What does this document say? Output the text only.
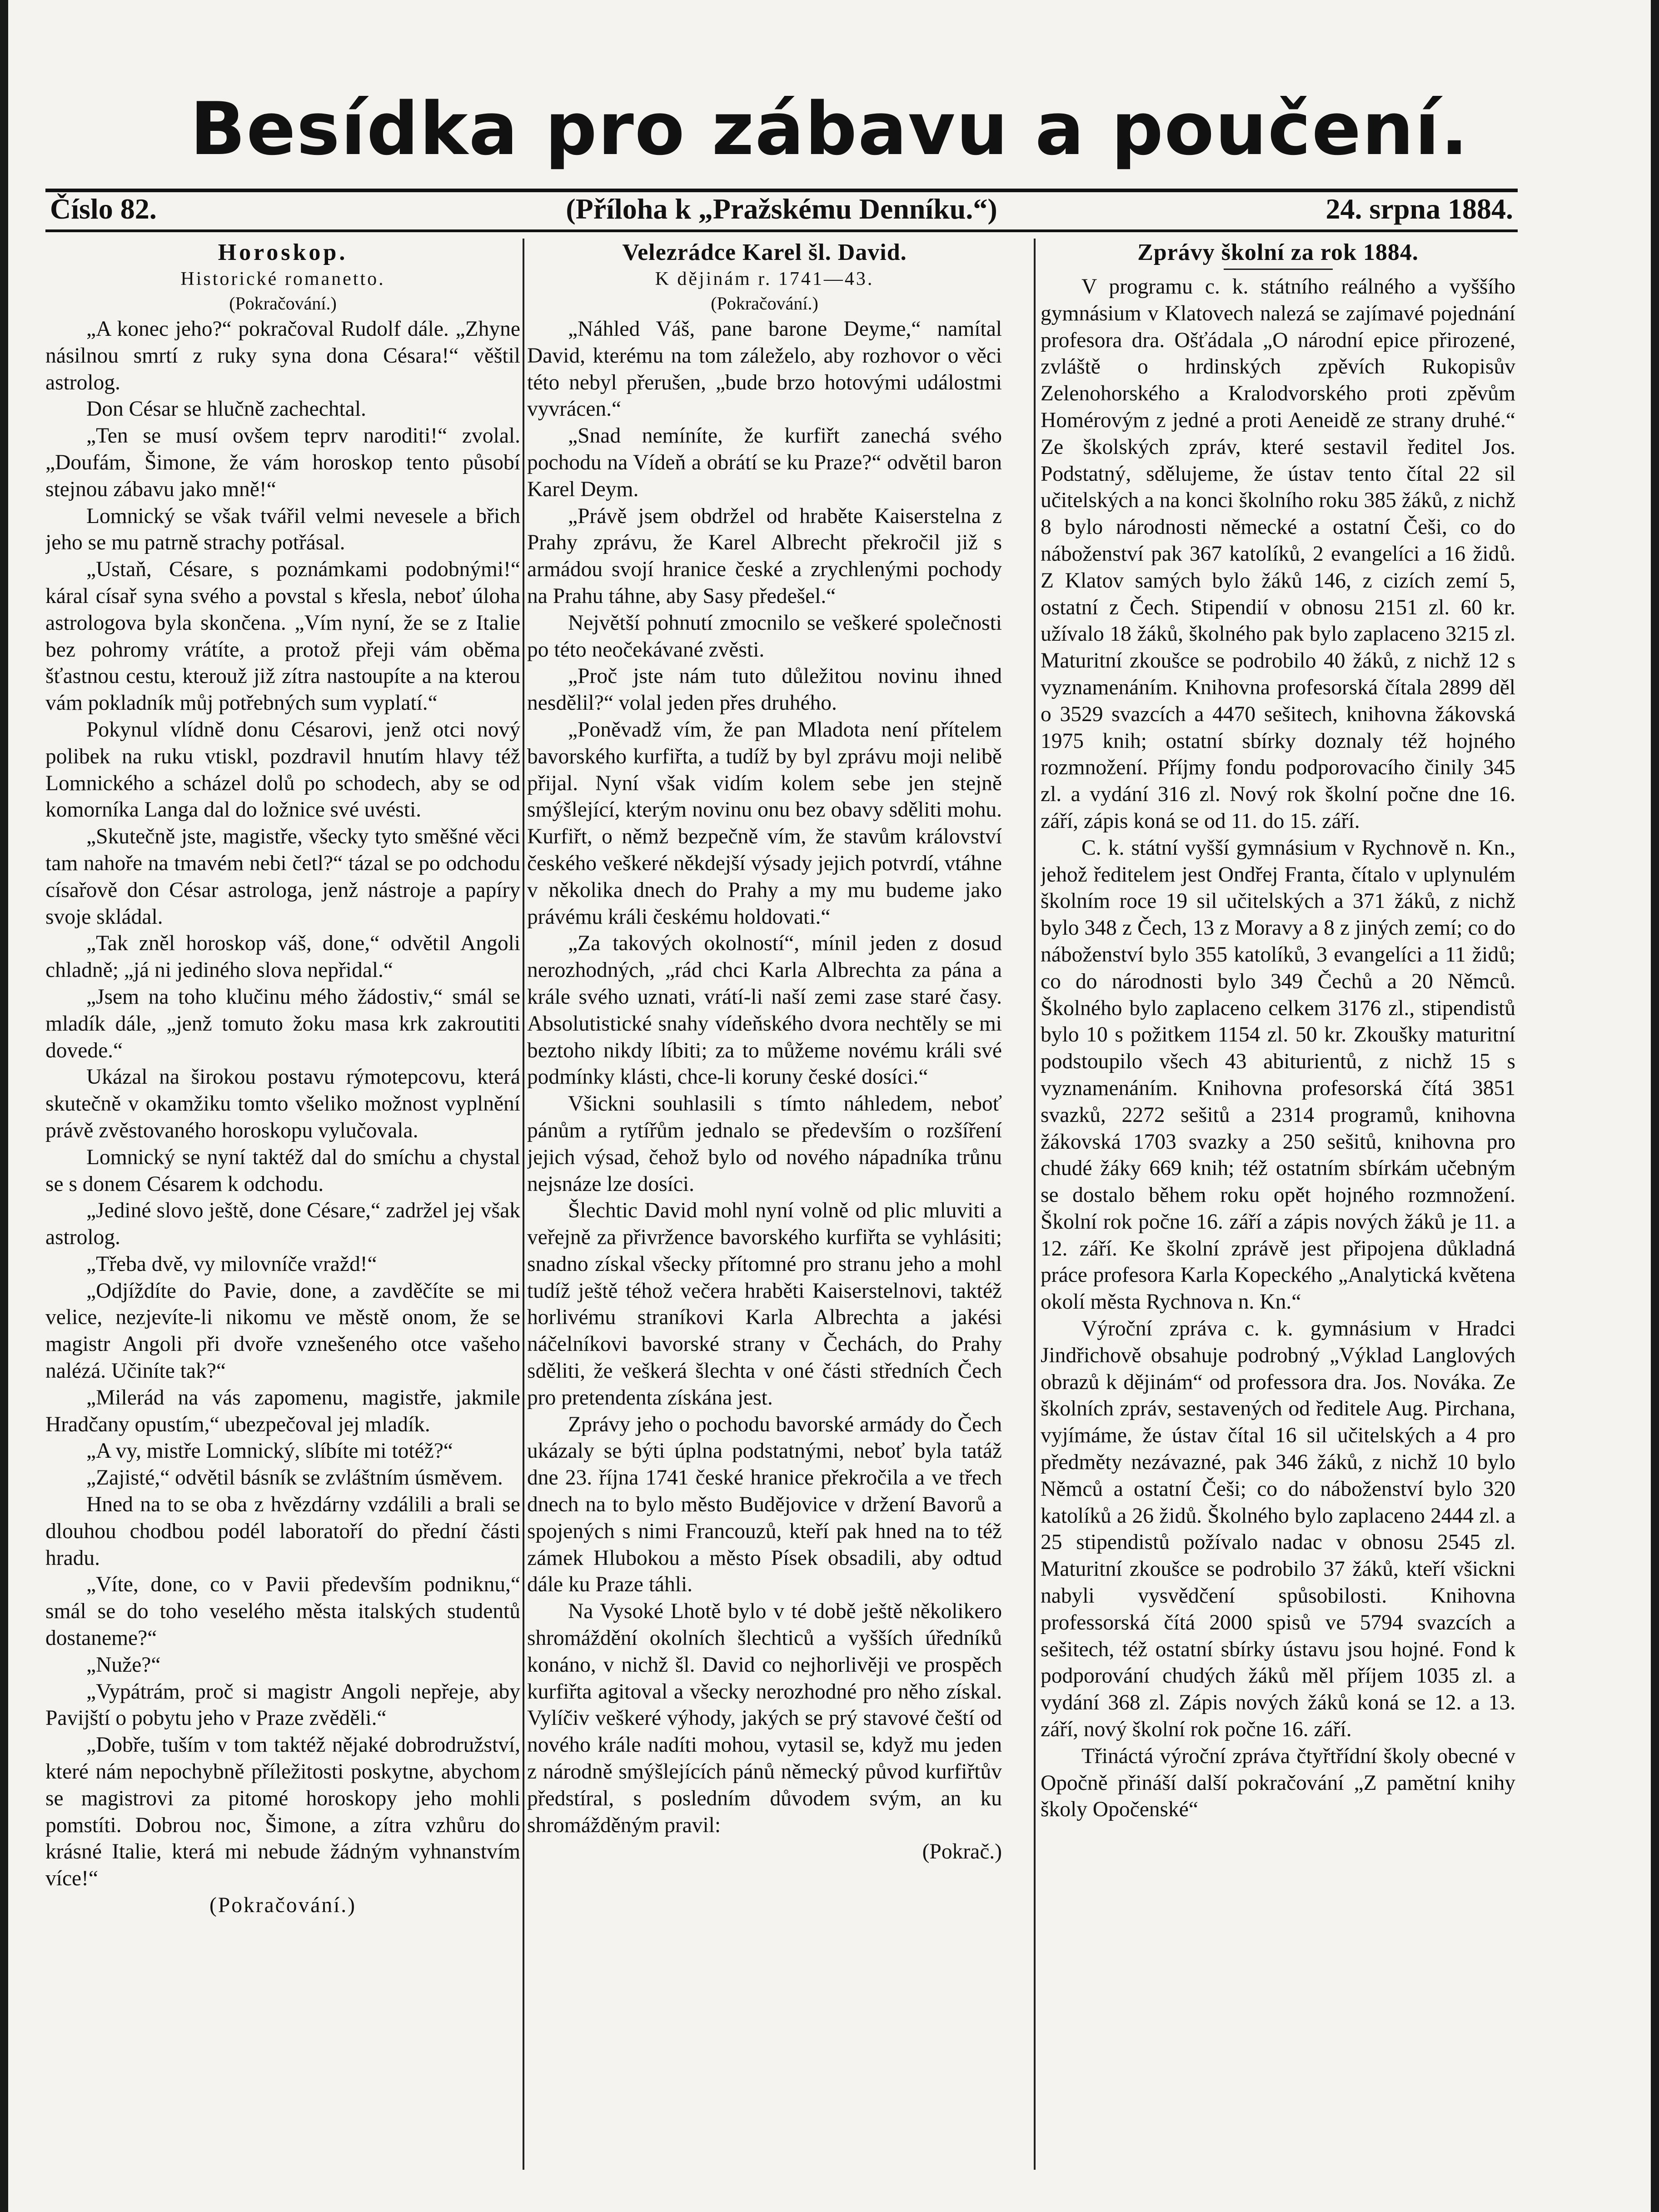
Besídka pro zábavu a poučení.
Číslo 82.	(Příloha k „Pražskému Denníku.“)	24. srpna 1884.
Horoskop.
Historické romanetto.
(Pokračování.)

„A konec jeho?“ pokračoval Rudolf dále. „Zhyne násilnou smrtí z ruky syna dona Césara!“ věštil astrolog.

Don César se hlučně zachechtal.

„Ten se musí ovšem teprv naroditi!“ zvolal. „Doufám, Šimone, že vám horoskop tento působí stejnou zábavu jako mně!“

Lomnický se však tvářil velmi nevesele a břich jeho se mu patrně strachy potřásal.

„Ustaň, Césare, s poznámkami podobnými!“ káral císař syna svého a povstal s křesla, neboť úloha astrologova byla skončena. „Vím nyní, že se z Italie bez pohromy vrátíte, a protož přeji vám oběma šťastnou cestu, kterouž již zítra nastoupíte a na kterou vám pokladník můj potřebných sum vyplatí.“

Pokynul vlídně donu Césarovi, jenž otci nový polibek na ruku vtiskl, pozdravil hnutím hlavy též Lomnického a scházel dolů po schodech, aby se od komorníka Langa dal do ložnice své uvésti.

„Skutečně jste, magistře, všecky tyto směšné věci tam nahoře na tmavém nebi četl?“ tázal se po odchodu císařově don César astrologa, jenž nástroje a papíry svoje skládal.

„Tak zněl horoskop váš, done,“ odvětil Angoli chladně; „já ni jediného slova nepřidal.“

„Jsem na toho klučinu mého žádostiv,“ smál se mladík dále, „jenž tomuto žoku masa krk zakroutiti dovede.“

Ukázal na širokou postavu rýmotepcovu, která skutečně v okamžiku tomto všeliko možnost vyplnění právě zvěstovaného horoskopu vylučovala.

Lomnický se nyní taktéž dal do smíchu a chystal se s donem Césarem k odchodu.

„Jediné slovo ještě, done Césare,“ zadržel jej však astrolog.

„Třeba dvě, vy milovníče vražd!“

„Odjíždíte do Pavie, done, a zavděčíte se mi velice, nezjevíte-li nikomu ve městě onom, že se magistr Angoli při dvoře vznešeného otce vašeho nalézá. Učiníte tak?“

„Milerád na vás zapomenu, magistře, jakmile Hradčany opustím,“ ubezpečoval jej mladík.

„A vy, mistře Lomnický, slíbíte mi totéž?“

„Zajisté,“ odvětil básník se zvláštním úsměvem.

Hned na to se oba z hvězdárny vzdálili a brali se dlouhou chodbou podél laboratoří do přední části hradu.

„Víte, done, co v Pavii především podniknu,“ smál se do toho veselého města italských studentů dostaneme?“

„Nuže?“

„Vypátrám, proč si magistr Angoli nepřeje, aby Pavijští o pobytu jeho v Praze zvěděli.“

„Dobře, tuším v tom taktéž nějaké dobrodružství, které nám nepochybně příležitosti poskytne, abychom se magistrovi za pitomé horoskopy jeho mohli pomstíti. Dobrou noc, Šimone, a zítra vzhůru do krásné Italie, která mi nebude žádným vyhnanstvím více!“

(Pokračování.)

Velezrádce Karel šl. David.
K dějinám r. 1741—43.
(Pokračování.)

„Náhled Váš, pane barone Deyme,“ namítal David, kterému na tom záleželo, aby rozhovor o věci této nebyl přerušen, „bude brzo hotovými událostmi vyvrácen.“

„Snad nemíníte, že kurfiřt zanechá svého pochodu na Vídeň a obrátí se ku Praze?“ odvětil baron Karel Deym.

„Právě jsem obdržel od hraběte Kaiserstelna z Prahy zprávu, že Karel Albrecht překročil již s armádou svojí hranice české a zrychlenými pochody na Prahu táhne, aby Sasy předešel.“

Největší pohnutí zmocnilo se veškeré společnosti po této neočekávané zvěsti.

„Proč jste nám tuto důležitou novinu ihned nesdělil?“ volal jeden přes druhého.

„Poněvadž vím, že pan Mladota není přítelem bavorského kurfiřta, a tudíž by byl zprávu moji nelibě přijal. Nyní však vidím kolem sebe jen stejně smýšlející, kterým novinu onu bez obavy sděliti mohu. Kurfiřt, o němž bezpečně vím, že stavům království českého veškeré někdejší výsady jejich potvrdí, vtáhne v několika dnech do Prahy a my mu budeme jako právému králi českému holdovati.“

„Za takových okolností“, mínil jeden z dosud nerozhodných, „rád chci Karla Albrechta za pána a krále svého uznati, vrátí-li naší zemi zase staré časy. Absolutistické snahy vídeňského dvora nechtěly se mi beztoho nikdy líbiti; za to můžeme novému králi své podmínky klásti, chce-li koruny české dosíci.“

Všickni souhlasili s tímto náhledem, neboť pánům a rytířům jednalo se především o rozšíření jejich výsad, čehož bylo od nového nápadníka trůnu nejsnáze lze dosíci.

Šlechtic David mohl nyní volně od plic mluviti a veřejně za přivržence bavorského kurfiřta se vyhlásiti; snadno získal všecky přítomné pro stranu jeho a mohl tudíž ještě téhož večera hraběti Kaiserstelnovi, taktéž horlivému straníkovi Karla Albrechta a jakési náčelníkovi bavorské strany v Čechách, do Prahy sděliti, že veškerá šlechta v oné části středních Čech pro pretendenta získána jest.

Zprávy jeho o pochodu bavorské armády do Čech ukázaly se býti úplna podstatnými, neboť byla tatáž dne 23. října 1741 české hranice překročila a ve třech dnech na to bylo město Budějovice v držení Bavorů a spojených s nimi Francouzů, kteří pak hned na to též zámek Hlubokou a město Písek obsadili, aby odtud dále ku Praze táhli.

Na Vysoké Lhotě bylo v té době ještě několikero shromáždění okolních šlechticů a vyšších úředníků konáno, v nichž šl. David co nejhorlivěji ve prospěch kurfiřta agitoval a všecky nerozhodné pro něho získal. Vylíčiv veškeré výhody, jakých se prý stavové čeští od nového krále nadíti mohou, vytasil se, když mu jeden z národně smýšlejících pánů německý původ kurfiřtův předstíral, s posledním důvodem svým, an ku shromážděným pravil:

(Pokrač.)

Zprávy školní za rok 1884.

V programu c. k. státního reálného a vyššího gymnásium v Klatovech nalezá se zajímavé pojednání profesora dra. Ošťádala „O národní epice přirozené, zvláště o hrdinských zpěvích Rukopisův Zelenohorského a Kralodvorského proti zpěvům Homérovým z jedné a proti Aeneidě ze strany druhé.“ Ze školských zpráv, které sestavil ředitel Jos. Podstatný, sdělujeme, že ústav tento čítal 22 sil učitelských a na konci školního roku 385 žáků, z nichž 8 bylo národnosti německé a ostatní Češi, co do náboženství pak 367 katolíků, 2 evangelíci a 16 židů. Z Klatov samých bylo žáků 146, z cizích zemí 5, ostatní z Čech. Stipendií v obnosu 2151 zl. 60 kr. užívalo 18 žáků, školného pak bylo zaplaceno 3215 zl. Maturitní zkoušce se podrobilo 40 žáků, z nichž 12 s vyznamenáním. Knihovna profesorská čítala 2899 děl o 3529 svazcích a 4470 sešitech, knihovna žákovská 1975 knih; ostatní sbírky doznaly též hojného rozmnožení. Příjmy fondu podporovacího činily 345 zl. a vydání 316 zl. Nový rok školní počne dne 16. září, zápis koná se od 11. do 15. září.

C. k. státní vyšší gymnásium v Rychnově n. Kn., jehož ředitelem jest Ondřej Franta, čítalo v uplynulém školním roce 19 sil učitelských a 371 žáků, z nichž bylo 348 z Čech, 13 z Moravy a 8 z jiných zemí; co do náboženství bylo 355 katolíků, 3 evangelíci a 11 židů; co do národnosti bylo 349 Čechů a 20 Němců. Školného bylo zaplaceno celkem 3176 zl., stipendistů bylo 10 s požitkem 1154 zl. 50 kr. Zkoušky maturitní podstoupilo všech 43 abiturientů, z nichž 15 s vyznamenáním. Knihovna profesorská čítá 3851 svazků, 2272 sešitů a 2314 programů, knihovna žákovská 1703 svazky a 250 sešitů, knihovna pro chudé žáky 669 knih; též ostatním sbírkám učebným se dostalo během roku opět hojného rozmnožení. Školní rok počne 16. září a zápis nových žáků je 11. a 12. září. Ke školní zprávě jest připojena důkladná práce profesora Karla Kopeckého „Analytická květena okolí města Rychnova n. Kn.“

Výroční zpráva c. k. gymnásium v Hradci Jindřichově obsahuje podrobný „Výklad Langlových obrazů k dějinám“ od professora dra. Jos. Nováka. Ze školních zpráv, sestavených od ředitele Aug. Pirchana, vyjímáme, že ústav čítal 16 sil učitelských a 4 pro předměty nezávazné, pak 346 žáků, z nichž 10 bylo Němců a ostatní Češi; co do náboženství bylo 320 katolíků a 26 židů. Školného bylo zaplaceno 2444 zl. a 25 stipendistů požívalo nadac v obnosu 2545 zl. Maturitní zkoušce se podrobilo 37 žáků, kteří všickni nabyli vysvědčení spůsobilosti. Knihovna professorská čítá 2000 spisů ve 5794 svazcích a sešitech, též ostatní sbírky ústavu jsou hojné. Fond k podporování chudých žáků měl příjem 1035 zl. a vydání 368 zl. Zápis nových žáků koná se 12. a 13. září, nový školní rok počne 16. září.

Třináctá výroční zpráva čtyřtřídní školy obecné v Opočně přináší další pokračování „Z pamětní knihy školy Opočenské“
